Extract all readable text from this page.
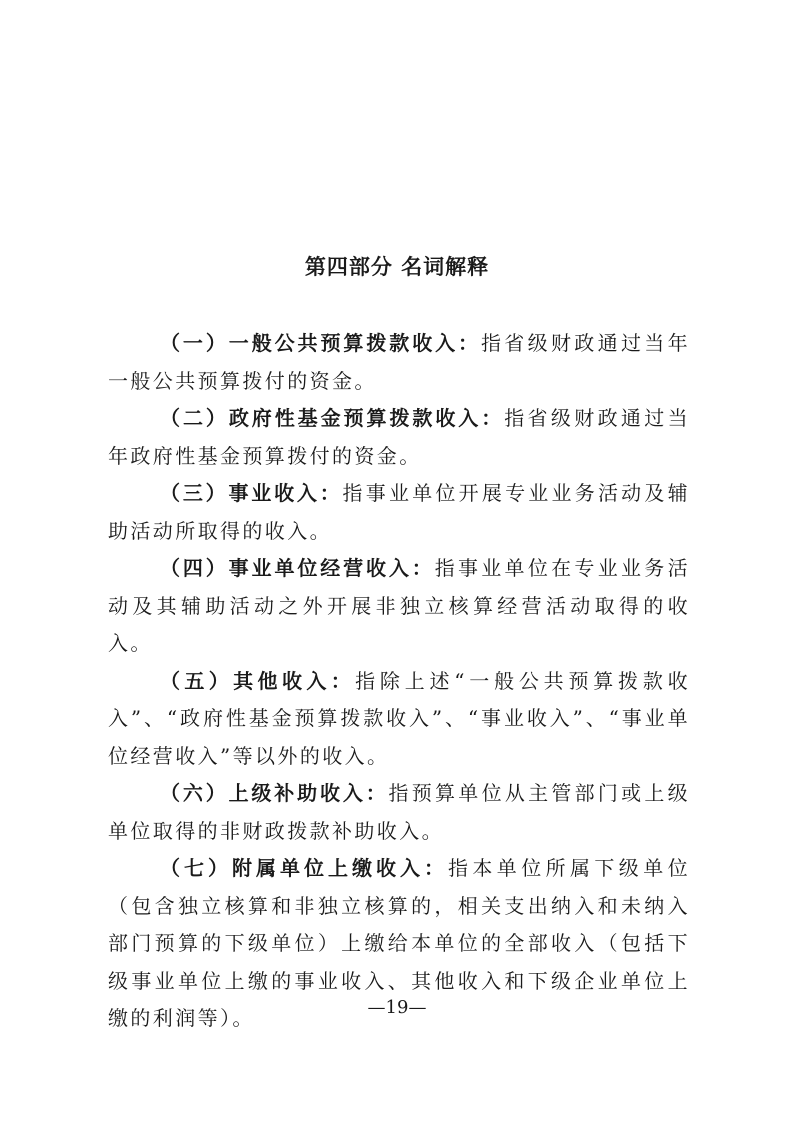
第四部分 名词解释

（一）一般公共预算拨款收入：指省级财政通过当年一般公共预算拨付的资金。

（二）政府性基金预算拨款收入：指省级财政通过当年政府性基金预算拨付的资金。

（三）事业收入：指事业单位开展专业业务活动及辅助活动所取得的收入。

（四）事业单位经营收入：指事业单位在专业业务活动及其辅助活动之外开展非独立核算经营活动取得的收入。

（五）其他收入：指除上述“一般公共预算拨款收入”、“政府性基金预算拨款收入”、“事业收入”、“事业单位经营收入”等以外的收入。

（六）上级补助收入：指预算单位从主管部门或上级单位取得的非财政拨款补助收入。

（七）附属单位上缴收入：指本单位所属下级单位（包含独立核算和非独立核算的，相关支出纳入和未纳入部门预算的下级单位）上缴给本单位的全部收入（包括下级事业单位上缴的事业收入、其他收入和下级企业单位上缴的利润等）。	—19—
